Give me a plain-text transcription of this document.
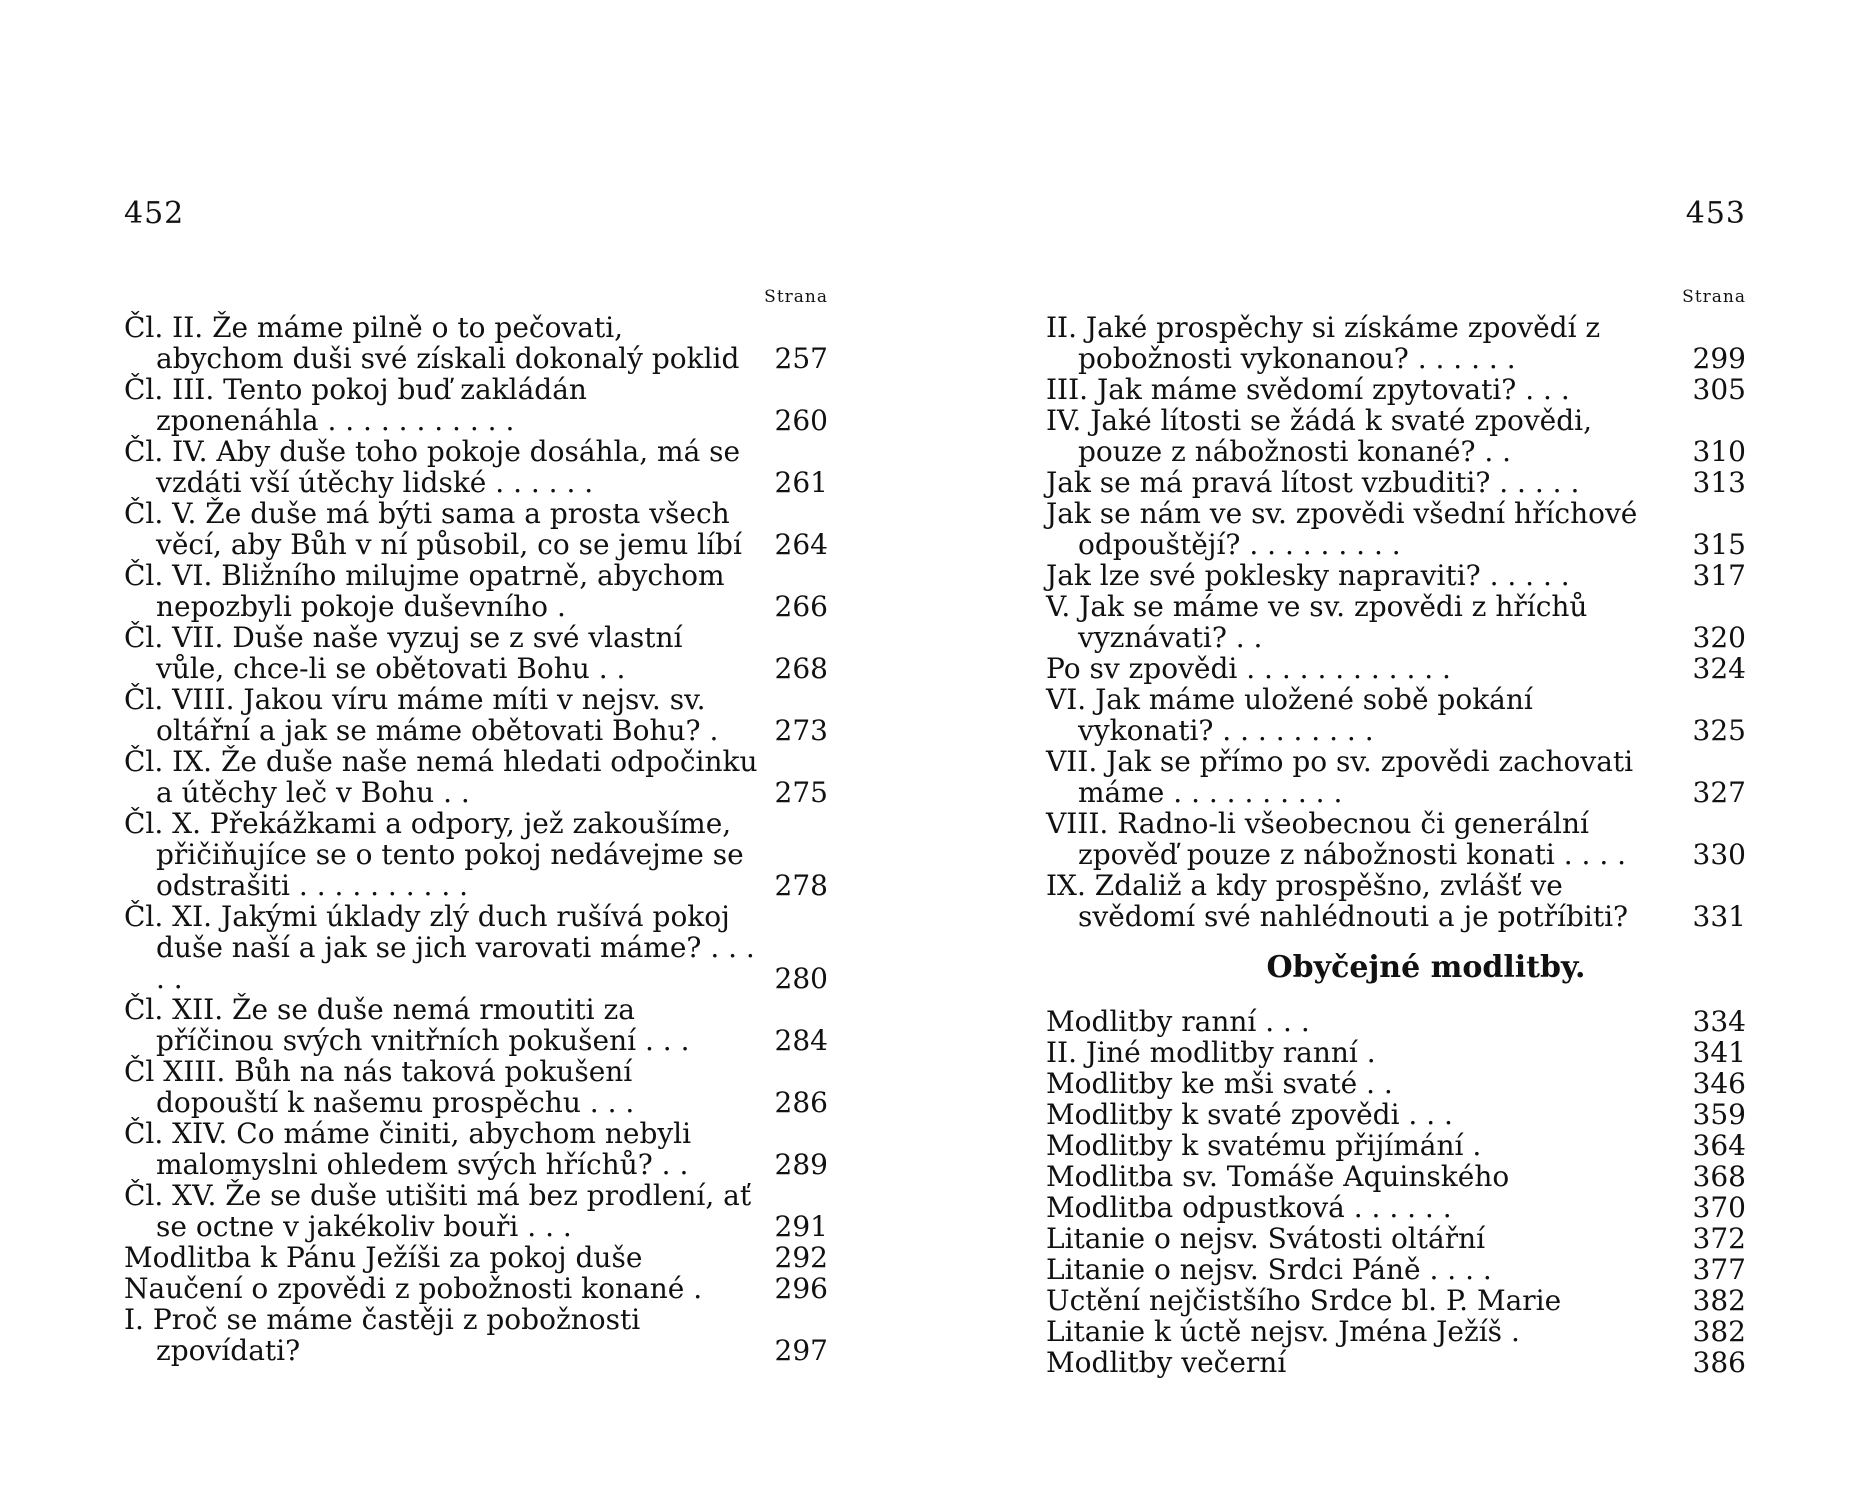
452
Strana
Čl. II. Že máme pilně o to pečovati, abychom duši své získali dokonalý poklid	257
Čl. III. Tento pokoj buď zakládán zponenáhla . . . . . . . . . . .	260
Čl. IV. Aby duše toho pokoje dosáhla, má se vzdáti vší útěchy lidské . . . . . .	261
Čl. V. Že duše má býti sama a prosta všech věcí, aby Bůh v ní působil, co se jemu líbí	264
Čl. VI. Bližního milujme opatrně, abychom nepozbyli pokoje duševního .	266
Čl. VII. Duše naše vyzuj se z své vlastní vůle, chce-li se obětovati Bohu . .	268
Čl. VIII. Jakou víru máme míti v nejsv. sv. oltářní a jak se máme obětovati Bohu? .	273
Čl. IX. Že duše naše nemá hledati odpočinku a útěchy leč v Bohu . .	275
Čl. X. Překážkami a odpory, jež zakoušíme, přičiňujíce se o tento pokoj nedávejme se odstrašiti . . . . . . . . . .	278
Čl. XI. Jakými úklady zlý duch rušívá pokoj duše naší a jak se jich varovati máme? . . . . .	280
Čl. XII. Že se duše nemá rmoutiti za příčinou svých vnitřních pokušení . . .	284
Čl XIII. Bůh na nás taková pokušení dopouští k našemu prospěchu . . .	286
Čl. XIV. Co máme činiti, abychom nebyli malomyslni ohledem svých hříchů? . .	289
Čl. XV. Že se duše utišiti má bez prodlení, ať se octne v jakékoliv bouři . . .	291
Modlitba k Pánu Ježíši za pokoj duše	292
Naučení o zpovědi z pobožnosti konané .	296
I. Proč se máme častěji z pobožnosti zpovídati?	297
453
Strana
II. Jaké prospěchy si získáme zpovědí z pobožnosti vykonanou? . . . . . .	299
III. Jak máme svědomí zpytovati? . . .	305
IV. Jaké lítosti se žádá k svaté zpovědi, pouze z nábožnosti konané? . .	310
Jak se má pravá lítost vzbuditi? . . . . .	313
Jak se nám ve sv. zpovědi všední hříchové odpouštějí? . . . . . . . . .	315
Jak lze své poklesky napraviti? . . . . .	317
V. Jak se máme ve sv. zpovědi z hříchů vyznávati? . .	320
Po sv zpovědi . . . . . . . . . . . .	324
VI. Jak máme uložené sobě pokání vykonati? . . . . . . . . .	325
VII. Jak se přímo po sv. zpovědi zachovati máme . . . . . . . . . .	327
VIII. Radno-li všeobecnou či generální zpověď pouze z nábožnosti konati . . . .	330
IX. Zdaliž a kdy prospěšno, zvlášť ve svědomí své nahlédnouti a je potříbiti?	331
Obyčejné modlitby.
Modlitby ranní . . .	334
II. Jiné modlitby ranní .	341
Modlitby ke mši svaté . .	346
Modlitby k svaté zpovědi . . .	359
Modlitby k svatému přijímání .	364
Modlitba sv. Tomáše Aquinského	368
Modlitba odpustková . . . . . .	370
Litanie o nejsv. Svátosti oltářní	372
Litanie o nejsv. Srdci Páně . . . .	377
Uctění nejčistšího Srdce bl. P. Marie	382
Litanie k úctě nejsv. Jména Ježíš .	382
Modlitby večerní	386
